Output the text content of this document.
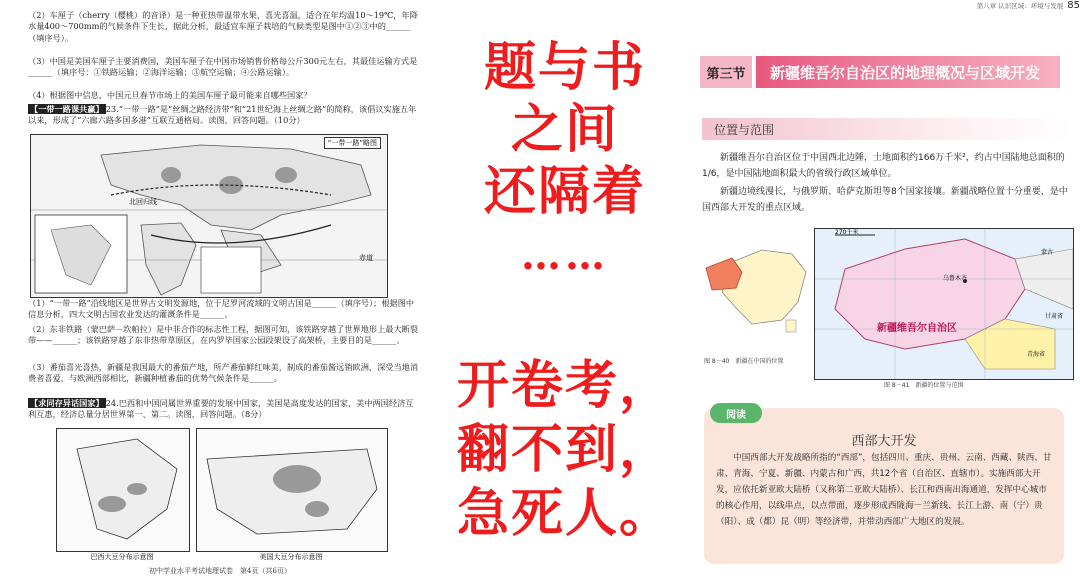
（2）车厘子（cherry（樱桃）的音译）是一种亚热带温带水果，喜光喜温，适合在年均温10～19℃，年降水量400～700mm的气候条件下生长，据此分析，最适宜车厘子栽培的气候类型是图中①②③中的______（填序号）。
（3）中国是美国车厘子主要消费国，美国车厘子在中国市场销售价格每公斤300元左右，其最佳运输方式是______（填序号：①铁路运输；②海洋运输；③航空运输；④公路运输）。
（4）根据图中信息，中国元旦春节市场上的美国车厘子最可能来自哪些国家？
【一带一路课共赢】 23.“一带一路”是“丝绸之路经济带”和“21世纪海上丝绸之路”的简称，该倡议实施五年以来，形成了“六廊六路多国多港”互联互通格局。读图，回答问题。（10分）
“一带一路”略图
北回归线
赤道
（1）“一带一路”沿线地区是世界古文明发源地，位于尼罗河流域的文明古国是______（填序号）；根据图中信息分析，四大文明古国农业发达的灌溉条件是______。
（2）东非铁路（蒙巴萨－坎帕拉）是中非合作的标志性工程，据图可知，该铁路穿越了世界地形上最大断裂带——______；该铁路穿越了东非热带草原区，在内罗毕国家公园段架设了高架桥，主要目的是______。
（3）番茄喜光喜热，新疆是我国最大的番茄产地，所产番茄鲜红味美，制成的番茄酱远销欧洲，深受当地消费者喜爱，与欧洲西部相比，新疆种植番茄的优势气候条件是______。
【求同存异话国家】 24.巴西和中国同属世界重要的发展中国家，美国是高度发达的国家，美中两国经济互利互惠，经济总量分居世界第一、第二。读图，回答问题。（8分）
巴西大豆分布示意图	美国大豆分布示意图
初中学业水平考试地理试卷　第4页（共6页）
题与书
之间
还隔着
……
开卷考，
翻不到，
急死人。
第八章 认识区域：环境与发展 85
第三节	新疆维吾尔自治区的地理概况与区域开发
位置与范围
新疆维吾尔自治区位于中国西北边陲，土地面积约166万千米²，约占中国陆地总面积的1/6，是中国陆地面积最大的省级行政区域单位。
新疆边境线漫长，与俄罗斯、哈萨克斯坦等8个国家接壤。新疆战略位置十分重要，是中国西部大开发的重点区域。
图 8－40　新疆在中国的位置
新疆维吾尔自治区
270千米
乌鲁木齐
蒙古
甘肃省
青海省
图 8－41　新疆的位置与范围
阅读
西部大开发
中国西部大开发战略所指的“西部”，包括四川、重庆、贵州、云南、西藏、陕西、甘肃、青海、宁夏、新疆、内蒙古和广西，共12个省（自治区、直辖市）。实施西部大开发，应依托新亚欧大陆桥（又称第二亚欧大陆桥）、长江和西南出海通道，发挥中心城市的核心作用，以线串点，以点带面，逐步形成西陇海－兰新线、长江上游、南（宁）贵（阳）、成（都）昆（明）等经济带，并带动西部广大地区的发展。
